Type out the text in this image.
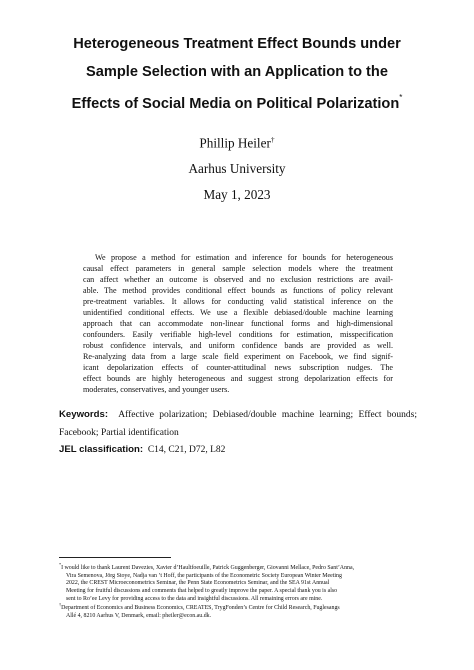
Heterogeneous Treatment Effect Bounds under
Sample Selection with an Application to the
Effects of Social Media on Political Polarization*
Phillip Heiler†
Aarhus University
May 1, 2023
We propose a method for estimation and inference for bounds for heterogeneous
causal effect parameters in general sample selection models where the treatment
can affect whether an outcome is observed and no exclusion restrictions are avail-
able. The method provides conditional effect bounds as functions of policy relevant
pre-treatment variables. It allows for conducting valid statistical inference on the
unidentified conditional effects. We use a flexible debiased/double machine learning
approach that can accommodate non-linear functional forms and high-dimensional
confounders. Easily verifiable high-level conditions for estimation, misspecification
robust confidence intervals, and uniform confidence bands are provided as well.
Re-analyzing data from a large scale field experiment on Facebook, we find signif-
icant depolarization effects of counter-attitudinal news subscription nudges. The
effect bounds are highly heterogeneous and suggest strong depolarization effects for
moderates, conservatives, and younger users.
Keywords: Affective polarization; Debiased/double machine learning; Effect bounds;
Facebook; Partial identification
JEL classification: C14, C21, D72, L82
*I would like to thank Laurent Davezies, Xavier d’Haultfoeuille, Patrick Guggenberger, Giovanni Mellace, Pedro Sant’Anna,
Vira Semenova, Jörg Stoye, Nadja van ’t Hoff, the participants of the Econometric Society European Winter Meeting
2022, the CREST Microeconometrics Seminar, the Penn State Econometrics Seminar, and the SEA 91st Annual
Meeting for fruitful discussions and comments that helped to greatly improve the paper. A special thank you is also
sent to Ro’ee Levy for providing access to the data and insightful discussions. All remaining errors are mine.
†Department of Economics and Business Economics, CREATES, TrygFonden’s Centre for Child Research, Fuglesangs
Allé 4, 8210 Aarhus V, Denmark, email: pheiler@econ.au.dk.
